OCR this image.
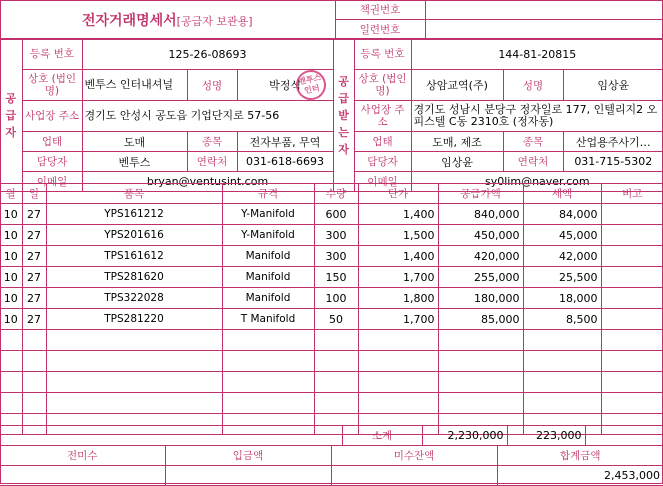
전자거래명세서[공급자 보관용]	책권번호	
	일련번호	
공 급 자	등록 번호	125-26-08693			공 급 받 는 자	등록 번호	144-81-20815		
	상호 (법인명)	벤투스 인터내셔널	성명	박정식		상호 (법인명)	상암교역(주)	성명	임상윤
	사업장 주소	경기도 안성시 공도읍 기업단지로 57-56				사업장 주소	경기도 성남시 분당구 정자일로 177, 인텔리지2 오피스텔 C동 2310호 (정자동)		
	업태	도매	종목	전자부품, 무역		업태	도매, 제조	종목	산업용주사기…
	담당자	벤투스	연락처	031-618-6693		담당자	임상윤	연락처	031-715-5302
	이메일	bryan@ventusint.com				이메일	sy0lim@naver.com		
월	일	품목	규격	수량	단가	공급가액	세액	비고
10	27	YPS161212	Y-Manifold	600	1,400	840,000	84,000	
10	27	YPS201616	Y-Manifold	300	1,500	450,000	45,000	
10	27	TPS161612	Manifold	300	1,400	420,000	42,000	
10	27	TPS281620	Manifold	150	1,700	255,000	25,500	
10	27	TPS322028	Manifold	100	1,800	180,000	18,000	
10	27	TPS281220	T Manifold	50	1,700	85,000	8,500	

	소계	2,230,000	223,000	
전미수	입금액	미수잔액	합계금액
			2,453,000
벤투스
인터
